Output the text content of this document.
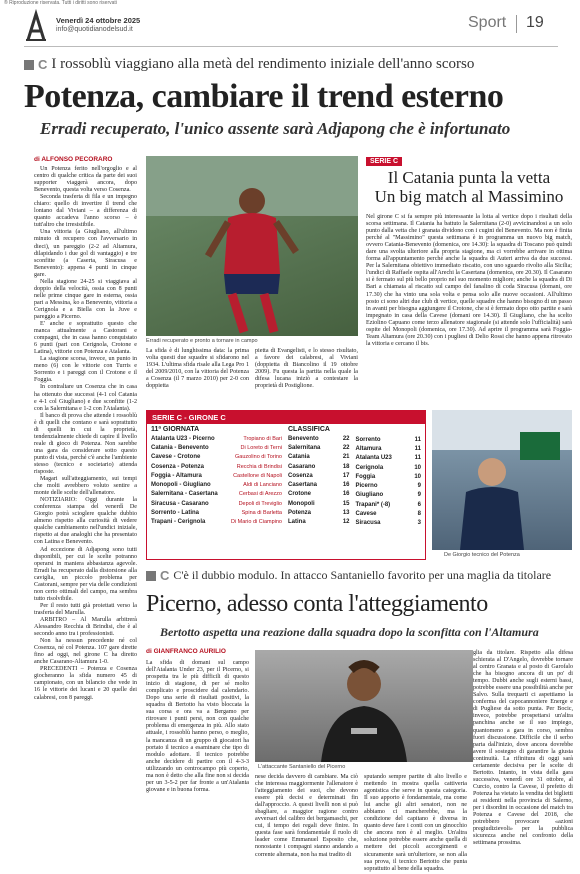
® Riproduzione riservata. Tutti i diritti sono riservati
Venerdì 24 ottobre 2025
info@quotidianodelsud.it	Sport 19
C I rossoblù viaggiano alla metà del rendimento iniziale dell'anno scorso
Potenza, cambiare il trend esterno
Erradi recuperato, l'unico assente sarà Adjapong che è infortunato
di ALFONSO PECORARO

Un Potenza ferito nell'orgoglio e al centro di qualche critica da parte dei suoi supporter viaggerà ancora, dopo Benevento, questa volta verso Cosenza.

Seconda trasferta di fila e un impegno chiaro: quello di invertire il trend che lontano dal Viviani – a differenza di quanto accadeva l'anno scorso – è tutt'altro che irresistibile.

Una vittoria (a Giugliano, all'ultimo minuto di recupero con l'avversario in dieci), un pareggio (2-2 ad Altamura, dilapidando i due gol di vantaggio) e tre sconfitte (a Caserta, Siracusa e Benevento): appena 4 punti in cinque gare.

Nella stagione 24-25 si viaggiava al doppio della velocità, ossia con 8 punti nelle prime cinque gare in esterna, ossia pari a Messina, ko a Benevento, vittoria a Cerignola e a Biella con la Juve e pareggio a Picerno.

E' anche e soprattutto questo che manca attualmente a Castorani e compagni, che in casa hanno conquistato 6 punti (pari con Cerignola, Crotone e Latina), vittorie con Potenza e Atalanta.

La stagione scorsa, invece, un punto in meno (6) con le vittorie con Turris e Sorrento e i pareggi con il Crotone e il Foggia.

In contraltare un Cosenza che in casa ha ottenuto due successi (4-1 col Catania e 4-1 col Giugliano) e due sconfitte (1-2 con la Salernitana e 1-2 con l'Atalanta).

Il banco di prova che attende i rossoblù è di quelli che contano e sarà soprattutto di quelli in cui la proprietà, tendenzialmente chiede di capire il livello reale di gioco di Potenza. Non sarebbe una gara da considerare sotto questo punto di vista, perché c'è anche l'ambiente stesso (tecnico e societario) attenda risposte.

Magari sull'atteggiamento, sui tempi che molti avrebbero voluto sentire a monte delle scelte dell'allenatore.

NOTIZIARIO: Oggi durante la conferenza stampa del venerdì De Giorgio potrà scioglere qualche dubbio almeno rispetto alla curiosità di vedere qualche cambiamento nell'undici iniziale, rispetto ai due analoghi che ha presentato con Latina e Benevento.

Ad eccezione di Adjapong sono tutti disponibili, per cui le scelte potranno operarsi in maniera abbastanza agevole. Erradi ha recuperato dalla distorsione alla caviglia, un piccolo problema per Castorani, sempre per via delle condizioni non certo ottimali del campo, ma sembra tutto risolvibile.

Per il resto tutti già proiettati verso la trasferta del Marulla.

ARBITRO – Al Marulla arbitrerà Alessandro Recchia di Brindisi, che è al secondo anno tra i professionisti.

Non ha nessun precedente né col Cosenza, né col Potenza. 107 gare dirette fino ad oggi, nel girone C ha diretto anche Casarano-Altamura 1-0.

PRECEDENTI – Potenza e Cosenza giocheranno la sfida numero 45 di campionato, con un bilancio che vede in 16 le vittorie dei lucani e 20 quelle dei calabresi, con 8 pareggi.

Erradi recuperato e pronto a tornare in campo
La sfida è di lunghissima data: la prima volta questi due squadre si sfidarono nel 1934. L'ultima sfida risale alla Lega Pro 1 del 2009/2010, con la vittoria del Potenza a Cosenza (il 7 marzo 2010) per 2-0 con doppietta
pietta di Evangelisti, e lo stesso risultato, a favore dei calabresi, al Viviani (doppietta di Biancolino il 19 ottobre 2009). Fu questa la partita nella quale la difesa lucana iniziò a contestare la proprietà di Postiglione.
SERIE C
Il Catania punta la vetta
Un big match al Massimino
Nel girone C si fa sempre più interessante la lotta al vertice dopo i risultati della scorsa settimana. Il Catania ha battuto la Salernitana (2-0) avvicinandosi a un solo punto dalla vetta che i granata dividono con i cugini del Benevento. Ma non è finita perché al "Massimino" questa settimana è in programma un nuovo big match, ovvero Catania-Benevento (domenica, ore 14.30): la squadra di Toscano può quindi dare una svolta ulteriore alla propria stagione, ma ci vorrebbe arrivare in ottima forma all'appuntamento perché anche la squadra di Auteri arriva da due successi. Per la Salernitana obiettivo immediato riscatto, con uno sguardo rivolto alla Sicilia; l'undici di Raffaele ospita all'Arechi la Casertana (domenica, ore 20.30). Il Casarano si è fermato sul più bello proprio nel suo momento migliore; anche la squadra di Di Bari a chiamata al riscatto sul campo del fanalino di coda Siracusa (domani, ore 17.30) che ha vinto una sola volta e pensa solo alle nuove occasioni. All'ultimo posto ci sono altri due club di vertice, quelle squadre che hanno bisogno di un passo in avanti per bisogna aggiungere il Crotone, che si è fermato dopo otto partite e sarà impegnato in casa della Cavese (domani ore 14.30). Il Giugliano, che ha scelto Eziolino Capuano come terzo allenatore stagionale (si attende solo l'ufficialità) sarà ospite del Monopoli (domenica, ore 17.30). Ad aprire il programma sarà Foggia-Team Altamura (ore 20.30) con i pugliesi di Delio Rossi che hanno appena ritrovato la vittoria e cercano il bis.
SERIE C - GIRONE C
11ª GIORNATA
Atalanta U23 - Picerno	Tropiano di Bari
Catania - Benevento	Di Loreto di Terni
Cavese - Crotone	Gauzolino di Torino
Cosenza - Potenza	Recchia di Brindisi
Foggia - Altamura	Castellone di Napoli
Monopoli - Giugliano	Aldi di Lanciano
Salernitana - Casertana	Cerbasi di Arezzo
Siracusa - Casarano	Depoli di Treviglio
Sorrento - Latina	Spina di Barletta
Trapani - Cerignola	Di Mario di Ciampino
CLASSIFICA
Benevento	22
Salernitana	22
Catania	21
Casarano	18
Cosenza	17
Casertana	16
Crotone	16
Monopoli	15
Potenza	13
Latina	12
Sorrento	11
Altamura	11
Atalanta U23	11
Cerignola	10
Foggia	10
Picerno	9
Giugliano	9
Trapani* (-8)	6
Cavese	8
Siracusa	3
De Giorgio tecnico del Potenza
C C'è il dubbio modulo. In attacco Santaniello favorito per una maglia da titolare
Picerno, adesso conta l'atteggiamento
Bertotto aspetta una reazione dalla squadra dopo la sconfitta con l'Altamura
di GIANFRANCO AURILIO
La sfida di domani sul campo dell'Atalanta Under 23, per il Picerno, si prospetta tra le più difficili di questo inizio di stagione, di per sé molto complicato e proscidere dal calendario. Dopo una serie di risultati positivi, la squadra di Bertotto ha visto bloccata la sua corsa e ora va a Bergamo per ritrovare i punti persi, non con qualche problema di emergenza in più. Allo stato attuale, i rossoblù hanno perso, o meglio, la mancanza di un gruppo di giocatori ha portato il tecnico a esaminare che tipo di modulo adottare. Il tecnico potrebbe anche decidere di partire con il 4-3-3 utilizzando un centrocampo più coperto, ma non è detto che alla fine non si decida per un 3-5-2 per far fronte a un'Atalanta giovane e in buona forma.
L'attaccante Santaniello del Picerno
nese decida davvero di cambiare. Ma ciò che interessa maggiormente l'allenatore è l'atteggiamento dei suoi, che devono essere più decisi e determinati fin dall'approccio. A questi livelli non si può sbagliare, a maggior ragione contro avversari del calibro dei bergamaschi, per cui, il tempo dei regali deve finire. In questa fase sarà fondamentale il ruolo di leader come Emmanuel Esposito che, nonostante i compagni stanno andando a corrente alternata, non ha mai tradito di
sputando sempre partite di alto livello e mettendo in mostra quella cattiveria agonistica che serve in questa categoria. Il suo apporto è fondamentale, ma come lui anche gli altri senatori, non ne abbiamo ci mancherebbe, ma la condizione del capitano è diversa in quanto deve fare i conti con un ginocchio che ancora non è al meglio. Un'altra soluzione potrebbe essere anche quella di mettere dei piccoli accorgimenti e sicuramente sarà un'ulteriore, se non alla sua prova, il tecnico Bertotto che punta soprattutto al bene della squadra.
glia da titolare. Rispetto alla difesa schierata al D'Angelo, dovrebbe tornare al centro Granata e al posto di Garofalo che ha bisogno ancora di un po' di tempo. Dubbi anche sugli esterni bassi, potrebbe essere una possibilità anche per Salvo. Sulla trequarti ci aspettiamo la conferma del capocannoniere Energe e di Pugliese da sotto punta. Per Bocic, invece, potrebbe prospettarsi un'altra panchina anche se il suo impiego, quantomeno a gara in corso, sembra fuori discussione. Difficile che il serbo parta dall'inizio, dove ancora dovrebbe avere il sostegno di garantire la giusta continuità. La rifinitura di oggi sarà certamente decisiva per le scelte di Bertotto. Intanto, in vista della gara successiva, venerdì ore 31 ottobre, al Curcio, contro la Cavese, il prefetto di Potenza ha vietato la vendita dei biglietti ai residenti nella provincia di Salerno, per i disordini in occasione del match tra Potenza e Cavese del 2018, che potrebbero provocare «azioni pregiudizievoli» per la pubblica sicurezza anche nel confronto della settimana prossima.
